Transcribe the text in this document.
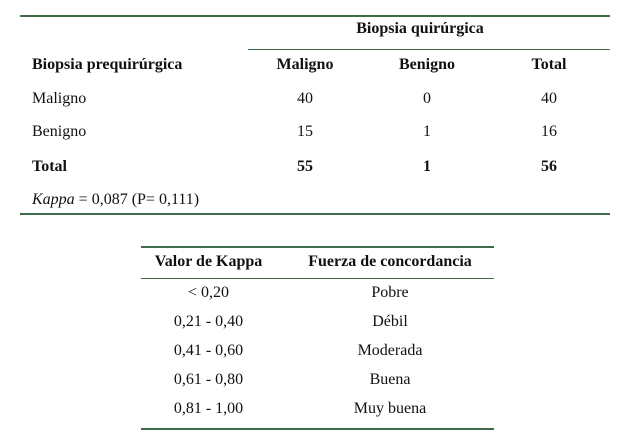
Biopsia quirúrgica
Biopsia prequirúrgica	Maligno	Benigno	Total
Maligno	40	0	40
Benigno	15	1	16
Total	55	1	56
Kappa = 0,087 (P= 0,111)
Valor de Kappa	Fuerza de concordancia
< 0,20	Pobre
0,21 - 0,40	Débil
0,41 - 0,60	Moderada
0,61 - 0,80	Buena
0,81 - 1,00	Muy buena
